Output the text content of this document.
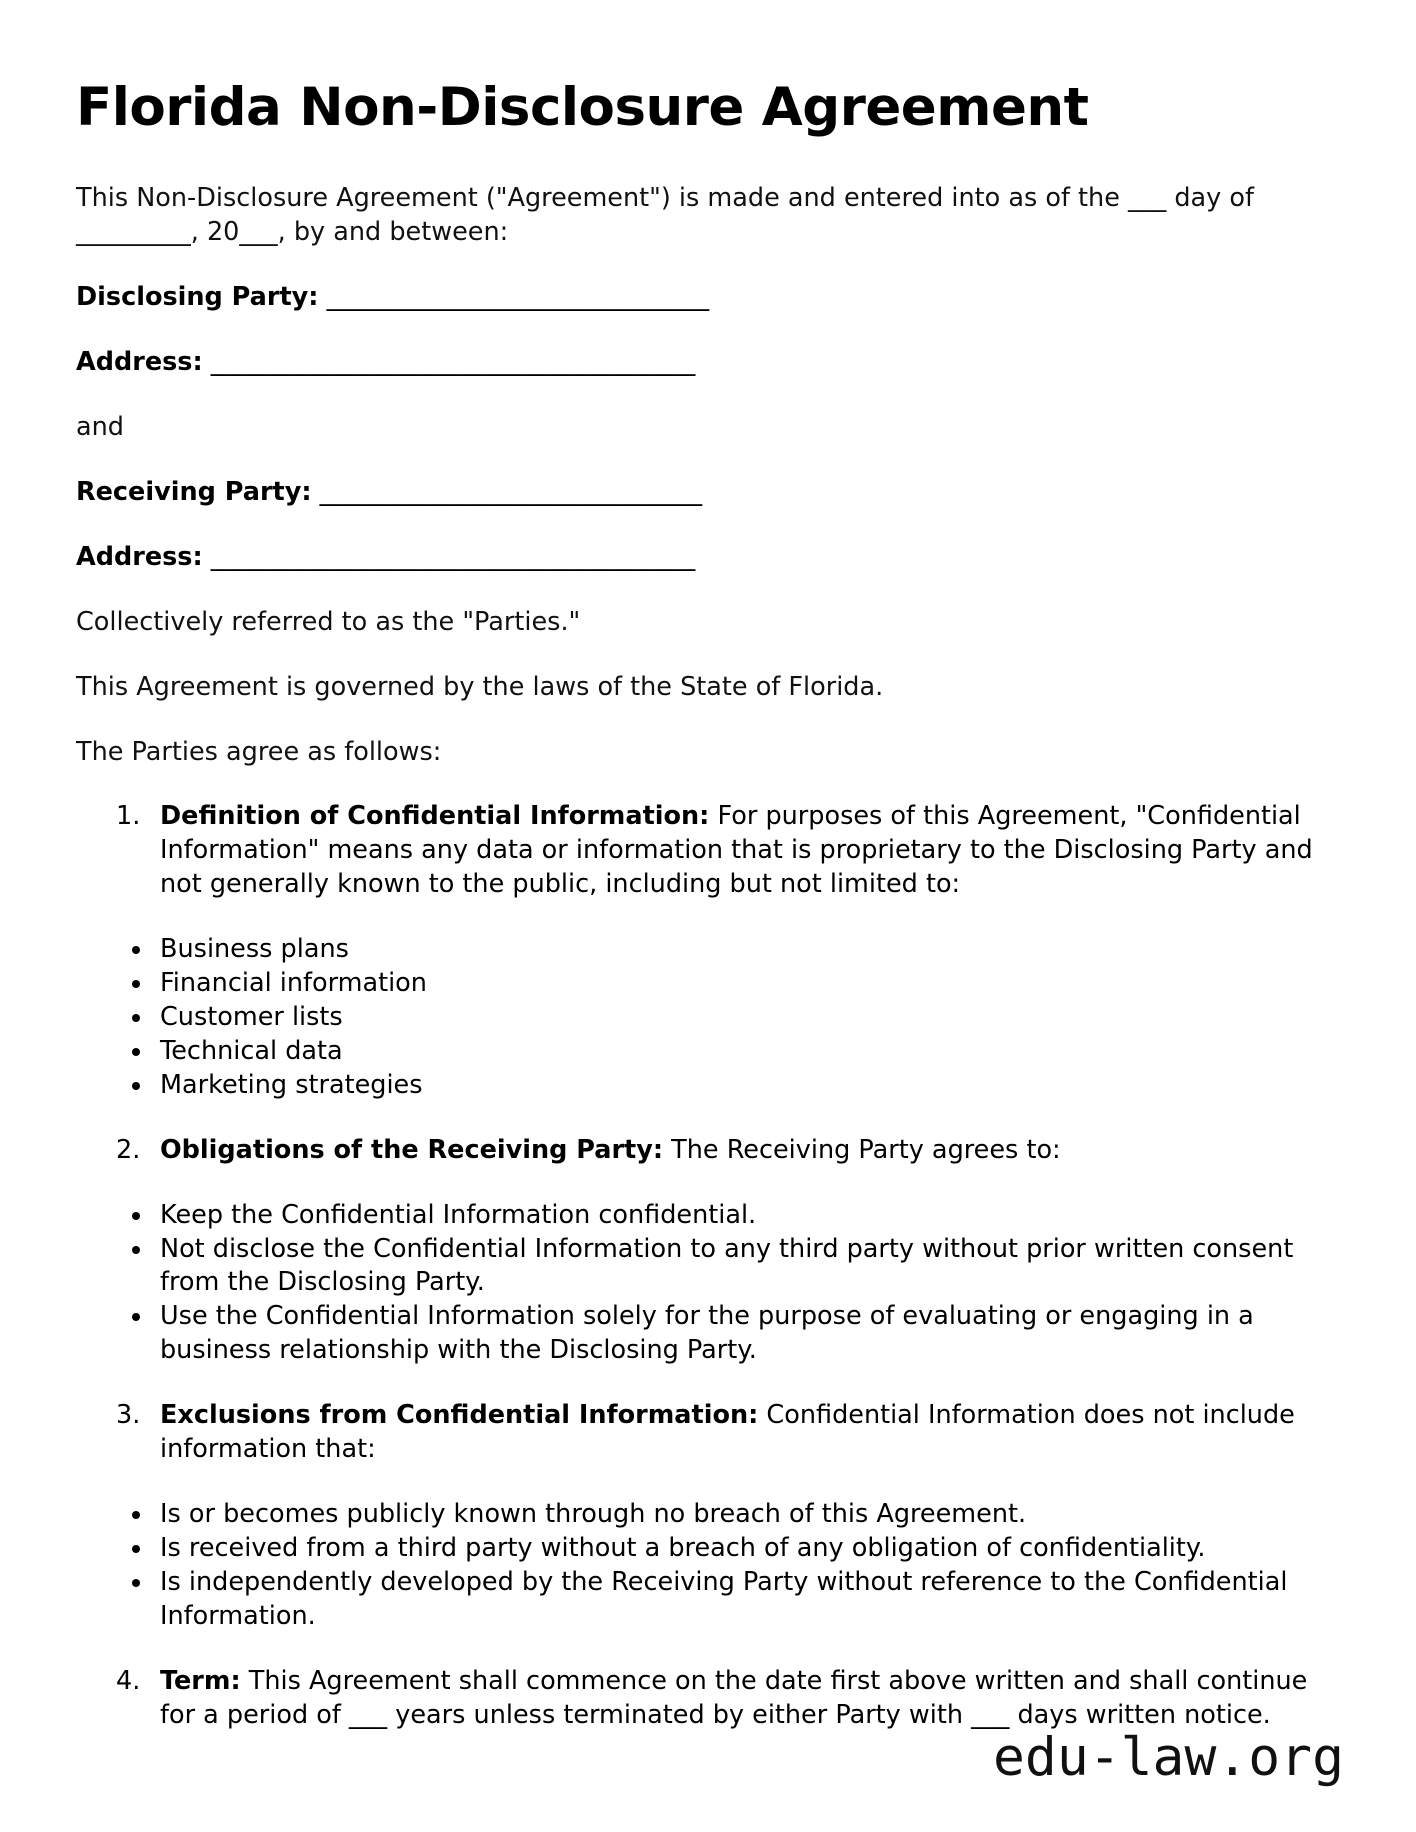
Florida Non-Disclosure Agreement

This Non-Disclosure Agreement ("Agreement") is made and entered into as of the ___ day of _________, 20___, by and between:

Disclosing Party: ______________________________
Address: ______________________________________

and

Receiving Party: ______________________________
Address: ______________________________________

Collectively referred to as the "Parties."

This Agreement is governed by the laws of the State of Florida.

The Parties agree as follows:

1. Definition of Confidential Information: For purposes of this Agreement, "Confidential Information" means any data or information that is proprietary to the Disclosing Party and not generally known to the public, including but not limited to:
• Business plans
• Financial information
• Customer lists
• Technical data
• Marketing strategies
2. Obligations of the Receiving Party: The Receiving Party agrees to:
• Keep the Confidential Information confidential.
• Not disclose the Confidential Information to any third party without prior written consent from the Disclosing Party.
• Use the Confidential Information solely for the purpose of evaluating or engaging in a business relationship with the Disclosing Party.
3. Exclusions from Confidential Information: Confidential Information does not include information that:
• Is or becomes publicly known through no breach of this Agreement.
• Is received from a third party without a breach of any obligation of confidentiality.
• Is independently developed by the Receiving Party without reference to the Confidential Information.
4. Term: This Agreement shall commence on the date first above written and shall continue for a period of ___ years unless terminated by either Party with ___ days written notice.
edu-law.org
